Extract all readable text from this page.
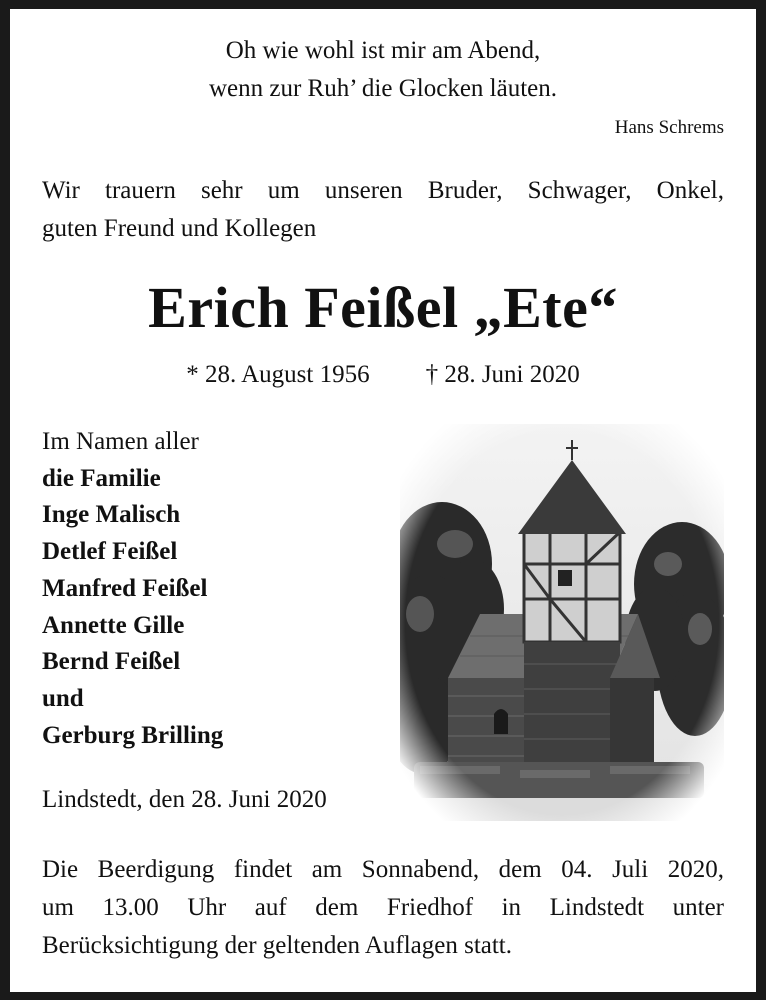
Oh wie wohl ist mir am Abend,
wenn zur Ruh’ die Glocken läuten.
Hans Schrems
Wir trauern sehr um unseren Bruder, Schwager, Onkel,
guten Freund und Kollegen
Erich Feißel „Ete“
* 28. August 1956 † 28. Juni 2020
Im Namen aller
die Familie
Inge Malisch
Detlef Feißel
Manfred Feißel
Annette Gille
Bernd Feißel
und
Gerburg Brilling
Lindstedt, den 28. Juni 2020
Die Beerdigung findet am Sonnabend, dem 04. Juli 2020,
um 13.00 Uhr auf dem Friedhof in Lindstedt unter
Berücksichtigung der geltenden Auflagen statt.
